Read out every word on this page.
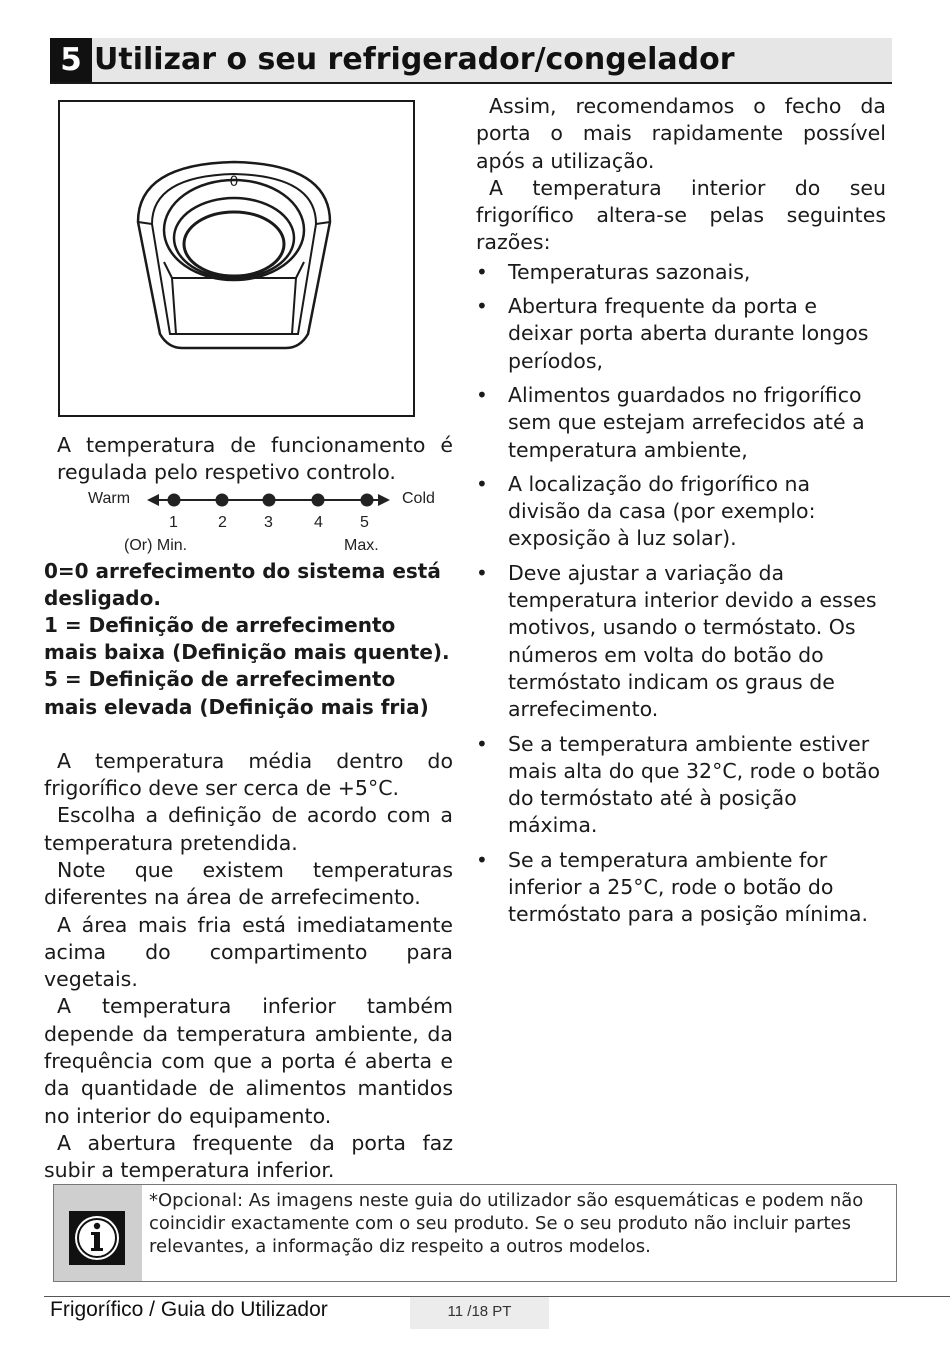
5 Utilizar o seu refrigerador/congelador
0

A temperatura de funcionamento é regulada pelo respetivo controlo.

Warm	Cold
1	2 3	4 5
(Or) Min.	Max.
0=0 arrefecimento do sistema está desligado.
1 = Definição de arrefecimento mais baixa (Definição mais quente).
5 = Definição de arrefecimento mais elevada (Definição mais fria)

A temperatura média dentro do frigorífico deve ser cerca de +5°C.

Escolha a definição de acordo com a temperatura pretendida.

Note que existem temperaturas diferentes na área de arrefecimento.

A área mais fria está imediatamente acima do compartimento para vegetais.

A temperatura inferior também depende da temperatura ambiente, da frequência com que a porta é aberta e da quantidade de alimentos mantidos no interior do equipamento.

A abertura frequente da porta faz subir a temperatura inferior.

Assim, recomendamos o fecho da porta o mais rapidamente possível após a utilização.

A temperatura interior do seu frigorífico altera-se pelas seguintes razões:

• Temperaturas sazonais,
• Abertura frequente da porta e deixar porta aberta durante longos períodos,
• Alimentos guardados no frigorífico sem que estejam arrefecidos até a temperatura ambiente,
• A localização do frigorífico na divisão da casa (por exemplo: exposição à luz solar).
• Deve ajustar a variação da temperatura interior devido a esses motivos, usando o termóstato. Os números em volta do botão do termóstato indicam os graus de arrefecimento.
• Se a temperatura ambiente estiver mais alta do que 32°C, rode o botão do termóstato até à posição máxima.
• Se a temperatura ambiente for inferior a 25°C, rode o botão do termóstato para a posição mínima.
*Opcional: As imagens neste guia do utilizador são esquemáticas e podem não coincidir exactamente com o seu produto. Se o seu produto não incluir partes relevantes, a informação diz respeito a outros modelos.
Frigorífico / Guia do Utilizador	11 /18 PT
